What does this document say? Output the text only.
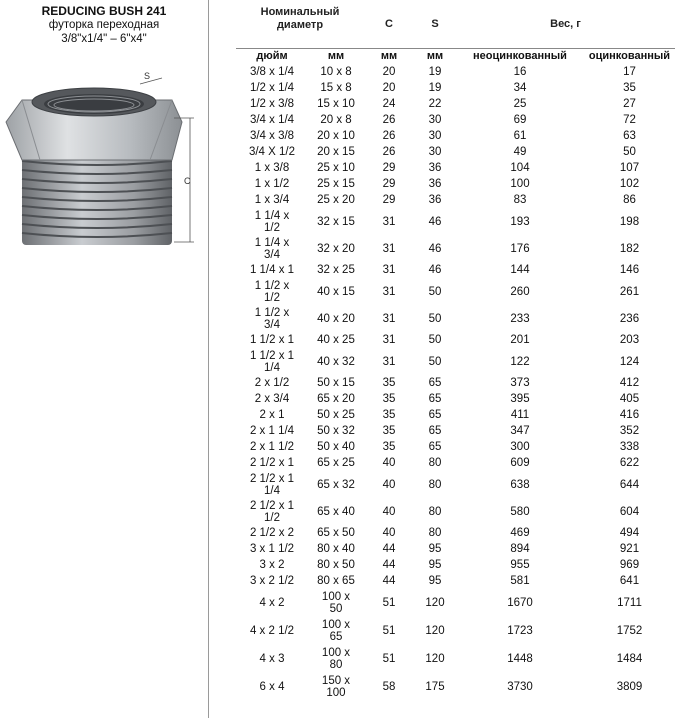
REDUCING BUSH 241
футорка переходная
3/8"x1/4" – 6"x4"
S
C
Номинальный
диаметр	C	S	Вес, г
дюйм	мм	мм	мм	неоцинкованный	оцинкованный
3/8 x 1/4	10 x 8	20	19	16	17
1/2 x 1/4	15 x 8	20	19	34	35
1/2 x 3/8	15 x 10	24	22	25	27
3/4 x 1/4	20 x 8	26	30	69	72
3/4 x 3/8	20 x 10	26	30	61	63
3/4 X 1/2	20 x 15	26	30	49	50
1 x 3/8	25 x 10	29	36	104	107
1 x 1/2	25 x 15	29	36	100	102
1 x 3/4	25 x 20	29	36	83	86
1 1/4 x
1/2	32 x 15	31	46	193	198
1 1/4 x
3/4	32 x 20	31	46	176	182
1 1/4 x 1	32 x 25	31	46	144	146
1 1/2 x
1/2	40 x 15	31	50	260	261
1 1/2 x
3/4	40 x 20	31	50	233	236
1 1/2 x 1	40 x 25	31	50	201	203
1 1/2 x 1
1/4	40 x 32	31	50	122	124
2 x 1/2	50 x 15	35	65	373	412
2 x 3/4	65 x 20	35	65	395	405
2 x 1	50 x 25	35	65	411	416
2 x 1 1/4	50 x 32	35	65	347	352
2 x 1 1/2	50 x 40	35	65	300	338
2 1/2 x 1	65 x 25	40	80	609	622
2 1/2 x 1
1/4	65 x 32	40	80	638	644
2 1/2 x 1
1/2	65 x 40	40	80	580	604
2 1/2 x 2	65 x 50	40	80	469	494
3 x 1 1/2	80 x 40	44	95	894	921
3 x 2	80 x 50	44	95	955	969
3 x 2 1/2	80 x 65	44	95	581	641
4 x 2	100 x
50	51	120	1670	1711
4 x 2 1/2	100 x
65	51	120	1723	1752
4 x 3	100 x
80	51	120	1448	1484
6 x 4	150 x
100	58	175	3730	3809
